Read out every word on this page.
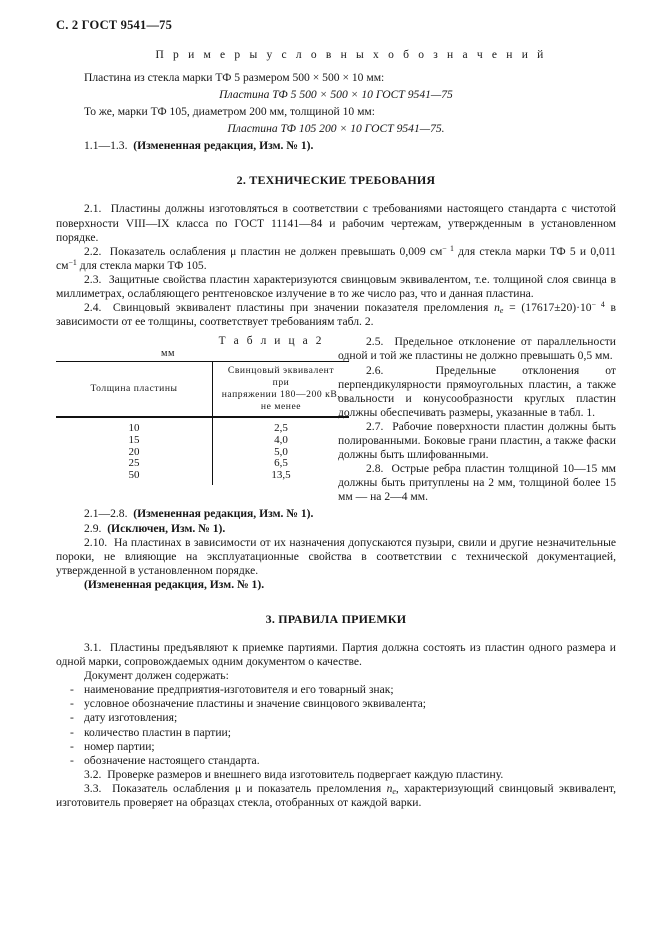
С. 2 ГОСТ 9541—75
П р и м е р ы у с л о в н ы х о б о з н а ч е н и й

Пластина из стекла марки ТФ 5 размером 500 × 500 × 10 мм:

Пластина ТФ 5 500 × 500 × 10 ГОСТ 9541—75

То же, марки ТФ 105, диаметром 200 мм, толщиной 10 мм:

Пластина ТФ 105 200 × 10 ГОСТ 9541—75.

1.1—1.3. (Измененная редакция, Изм. № 1).

2. ТЕХНИЧЕСКИЕ ТРЕБОВАНИЯ

2.1. Пластины должны изготовляться в соответствии с требованиями настоящего стандарта с чистотой поверхности VIII—IX класса по ГОСТ 11141—84 и рабочим чертежам, утвержденным в установленном порядке.

2.2. Показатель ослабления μ пластин не должен превышать 0,009 $см^{- 1}$ для стекла марки ТФ 5 и 0,011 $см^{-1}$ для стекла марки ТФ 105.

2.3. Защитные свойства пластин характеризуются свинцовым эквивалентом, т.е. толщиной слоя свинца в миллиметрах, ослабляющего рентгеновское излучение в то же число раз, что и данная пластина.

2.4. Свинцовый эквивалент пластины при значении показателя преломления $n_e = (17617\pm 20)\cdot 10^{- 4}$ в зависимости от ее толщины, соответствует требованиям табл. 2.

Т а б л и ц а 2
мм
Толщина пластины	Свинцовый эквивалент при
напряжении 180—200 кВ,
не менее
10	2,5
15	4,0
20	5,0
25	6,5
50	13,5

2.5. Предельное отклонение от параллельности одной и той же пластины не должно превышать 0,5 мм.

2.6.	Предельные отклонения от перпендикулярности прямоугольных пластин, а также овальности и конусообразности круглых пластин должны обеспечивать размеры, указанные в табл. 1.

2.7. Рабочие поверхности пластин должны быть полированными. Боковые грани пластин, а также фаски должны быть шлифованными.

2.8. Острые ребра пластин толщиной 10—15 мм должны быть притуплены на 2 мм, толщиной более 15 мм — на 2—4 мм.

2.1—2.8. (Измененная редакция, Изм. № 1).

2.9. (Исключен, Изм. № 1).

2.10. На пластинах в зависимости от их назначения допускаются пузыри, свили и другие незначительные пороки, не влияющие на эксплуатационные свойства в соответствии с технической документацией, утвержденной в установленном порядке.

(Измененная редакция, Изм. № 1).

3. ПРАВИЛА ПРИЕМКИ

3.1. Пластины предъявляют к приемке партиями. Партия должна состоять из пластин одного размера и одной марки, сопровождаемых одним документом о качестве.

Документ должен содержать:

- наименование предприятия-изготовителя и его товарный знак;
- условное обозначение пластины и значение свинцового эквивалента;
- дату изготовления;
- количество пластин в партии;
- номер партии;
- обозначение настоящего стандарта.

3.2. Проверке размеров и внешнего вида изготовитель подвергает каждую пластину.

3.3. Показатель ослабления μ и показатель преломления $n_e$, характеризующий свинцовый эквивалент, изготовитель проверяет на образцах стекла, отобранных от каждой варки.
